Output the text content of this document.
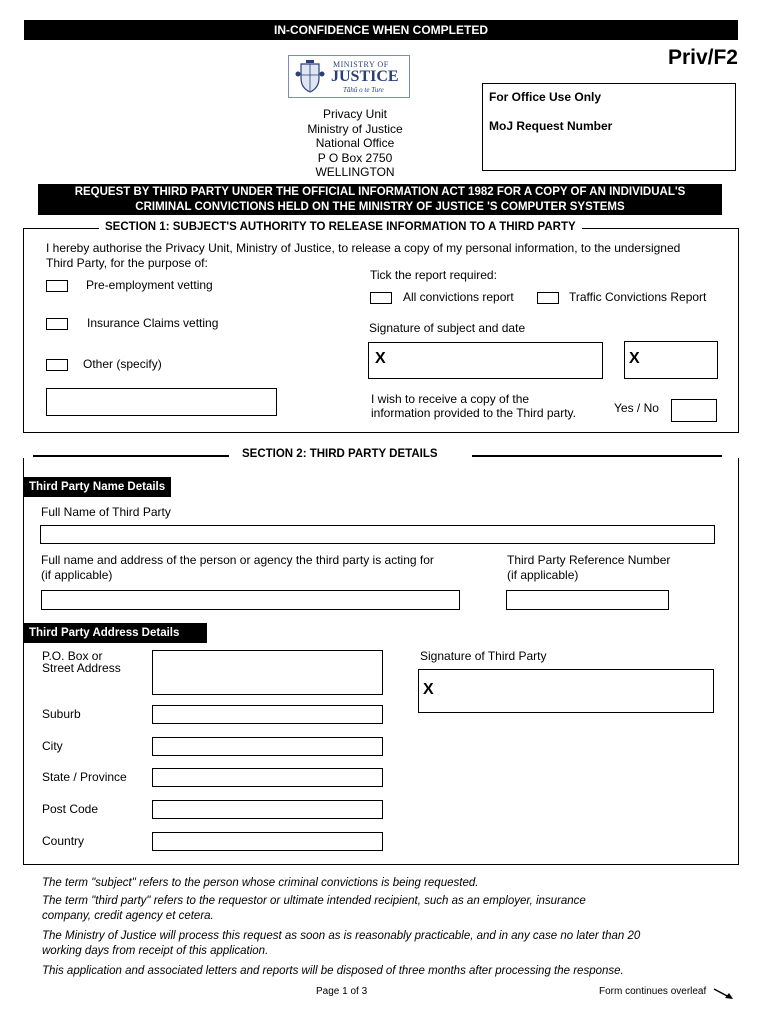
IN-CONFIDENCE WHEN COMPLETED
Priv/F2
MINISTRY OF
JUSTICE
Tāhū o te Ture
Privacy Unit
Ministry of Justice
National Office
P O Box 2750
WELLINGTON
For Office Use Only
MoJ Request Number
REQUEST BY THIRD PARTY UNDER THE OFFICIAL INFORMATION ACT 1982 FOR A COPY OF AN INDIVIDUAL'S
CRIMINAL CONVICTIONS HELD ON THE MINISTRY OF JUSTICE 'S COMPUTER SYSTEMS
SECTION 1: SUBJECT'S AUTHORITY TO RELEASE INFORMATION TO A THIRD PARTY
I hereby authorise the Privacy Unit, Ministry of Justice, to release a copy of my personal information, to the undersigned
Third Party, for the purpose of:
Pre-employment vetting
Insurance Claims vetting
Other (specify)
Tick the report required:
All convictions report	Traffic Convictions Report
Signature of subject and date
X	X
I wish to receive a copy of the
information provided to the Third party.	Yes / No
SECTION 2: THIRD PARTY DETAILS
Third Party Name Details
Full Name of Third Party
Full name and address of the person or agency the third party is acting for
(if applicable)
Third Party Reference Number
(if applicable)
Third Party Address Details
P.O. Box or
Street Address
Suburb
City
State / Province
Post Code
Country
Signature of Third Party
X
The term "subject" refers to the person whose criminal convictions is being requested.
The term "third party" refers to the requestor or ultimate intended recipient, such as an employer, insurance
company, credit agency et cetera.
The Ministry of Justice will process this request as soon as is reasonably practicable, and in any case no later than 20
working days from receipt of this application.
This application and associated letters and reports will be disposed of three months after processing the response.
Page 1 of 3	Form continues overleaf
